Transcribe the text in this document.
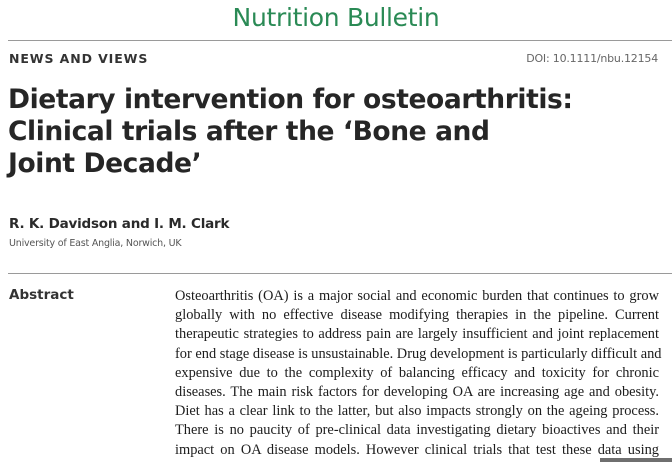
Nutrition Bulletin
NEWS AND VIEWS	DOI: 10.1111/nbu.12154
Dietary intervention for osteoarthritis:
Clinical trials after the ‘Bone and
Joint Decade’
R. K. Davidson and I. M. Clark
University of East Anglia, Norwich, UK
Abstract	Osteoarthritis (OA) is a major social and economic burden that continues to grow
globally with no effective disease modifying therapies in the pipeline. Current
therapeutic strategies to address pain are largely insufficient and joint replacement
for end stage disease is unsustainable. Drug development is particularly difficult and
expensive due to the complexity of balancing efficacy and toxicity for chronic
diseases. The main risk factors for developing OA are increasing age and obesity.
Diet has a clear link to the latter, but also impacts strongly on the ageing process.
There is no paucity of pre-clinical data investigating dietary bioactives and their
impact on OA disease models. However clinical trials that test these data using
